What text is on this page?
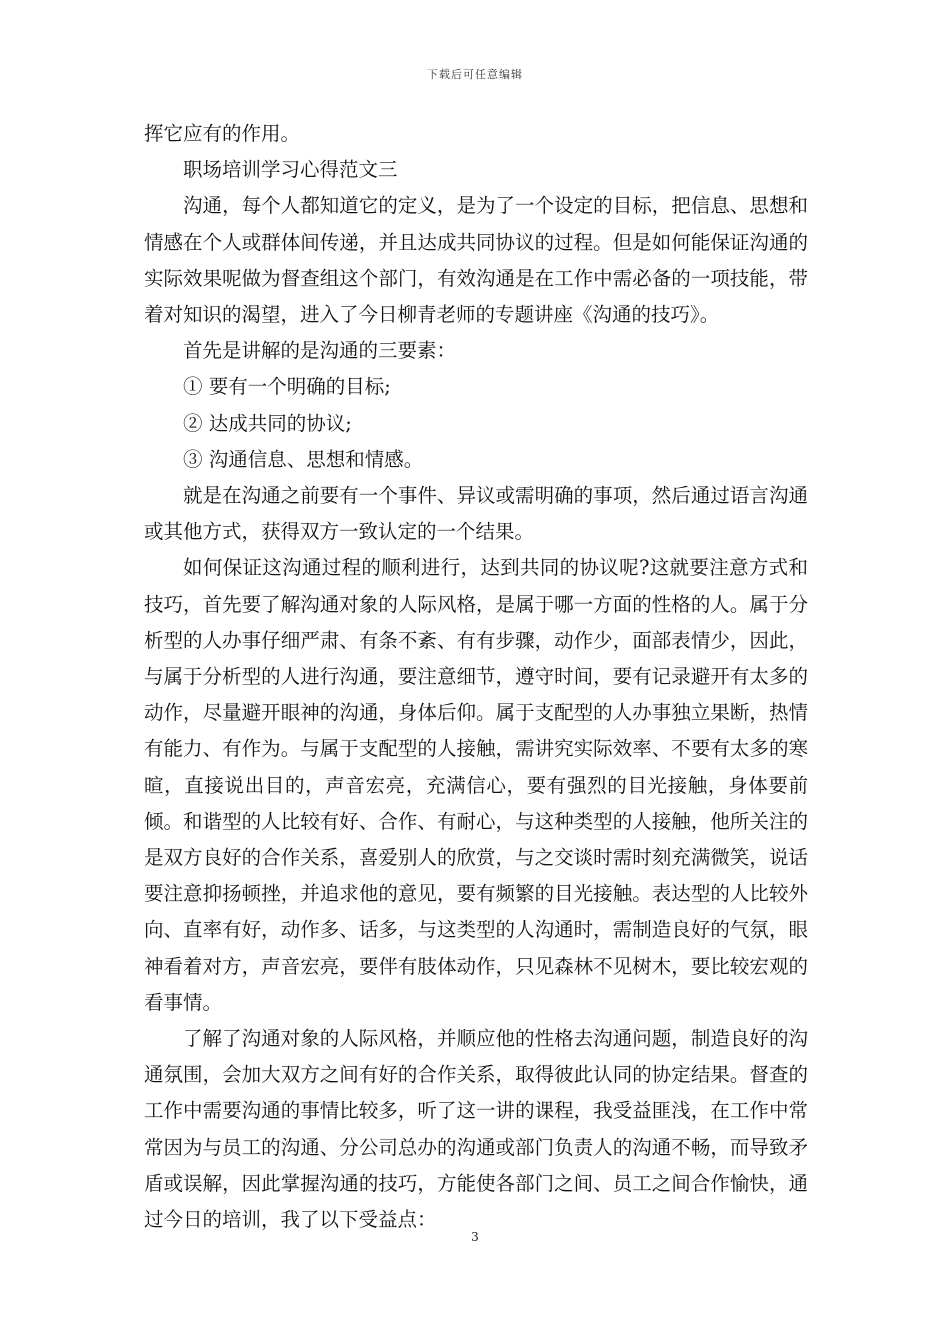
下载后可任意编辑

挥它应有的作用。

职场培训学习心得范文三

沟通，每个人都知道它的定义，是为了一个设定的目标，把信息、思想和情感在个人或群体间传递，并且达成共同协议的过程。但是如何能保证沟通的实际效果呢做为督查组这个部门，有效沟通是在工作中需必备的一项技能，带着对知识的渴望，进入了今日柳青老师的专题讲座《沟通的技巧》。

首先是讲解的是沟通的三要素：

① 要有一个明确的目标;

② 达成共同的协议;

③ 沟通信息、思想和情感。

就是在沟通之前要有一个事件、异议或需明确的事项，然后通过语言沟通或其他方式，获得双方一致认定的一个结果。

如何保证这沟通过程的顺利进行，达到共同的协议呢?这就要注意方式和技巧，首先要了解沟通对象的人际风格，是属于哪一方面的性格的人。属于分析型的人办事仔细严肃、有条不紊、有有步骤，动作少，面部表情少，因此，与属于分析型的人进行沟通，要注意细节，遵守时间，要有记录避开有太多的动作，尽量避开眼神的沟通，身体后仰。属于支配型的人办事独立果断，热情有能力、有作为。与属于支配型的人接触，需讲究实际效率、不要有太多的寒暄，直接说出目的，声音宏亮，充满信心，要有强烈的目光接触，身体要前倾。和谐型的人比较有好、合作、有耐心，与这种类型的人接触，他所关注的是双方良好的合作关系，喜爱别人的欣赏，与之交谈时需时刻充满微笑，说话要注意抑扬顿挫，并追求他的意见，要有频繁的目光接触。表达型的人比较外向、直率有好，动作多、话多，与这类型的人沟通时，需制造良好的气氛，眼神看着对方，声音宏亮，要伴有肢体动作，只见森林不见树木，要比较宏观的看事情。

了解了沟通对象的人际风格，并顺应他的性格去沟通问题，制造良好的沟通氛围，会加大双方之间有好的合作关系，取得彼此认同的协定结果。督查的工作中需要沟通的事情比较多，听了这一讲的课程，我受益匪浅，在工作中常常因为与员工的沟通、分公司总办的沟通或部门负责人的沟通不畅，而导致矛盾或误解，因此掌握沟通的技巧，方能使各部门之间、员工之间合作愉快，通过今日的培训，我了以下受益点：

3
